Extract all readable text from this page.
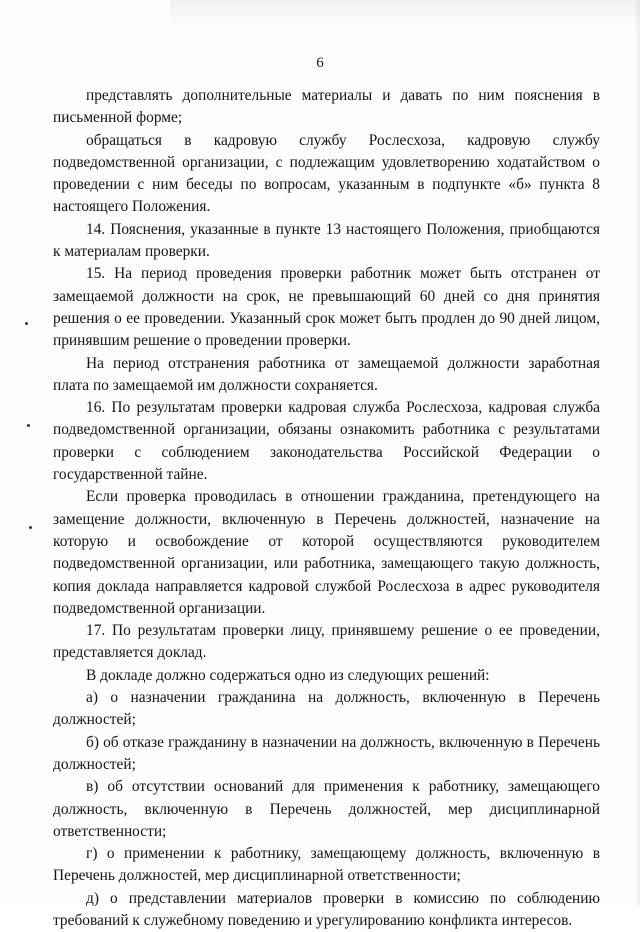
6

представлять дополнительные материалы и давать по ним пояснения в письменной форме;

обращаться в кадровую службу Рослесхоза, кадровую службу подведомственной организации, с подлежащим удовлетворению ходатайством о проведении с ним беседы по вопросам, указанным в подпункте «б» пункта 8 настоящего Положения.

14. Пояснения, указанные в пункте 13 настоящего Положения, приобщаются к материалам проверки.

15. На период проведения проверки работник может быть отстранен от замещаемой должности на срок, не превышающий 60 дней со дня принятия решения о ее проведении. Указанный срок может быть продлен до 90 дней лицом, принявшим решение о проведении проверки.

На период отстранения работника от замещаемой должности заработная плата по замещаемой им должности сохраняется.

16. По результатам проверки кадровая служба Рослесхоза, кадровая служба подведомственной организации, обязаны ознакомить работника с результатами проверки с соблюдением законодательства Российской Федерации о государственной тайне.

Если проверка проводилась в отношении гражданина, претендующего на замещение должности, включенную в Перечень должностей, назначение на которую и освобождение от которой осуществляются руководителем подведомственной организации, или работника, замещающего такую должность, копия доклада направляется кадровой службой Рослесхоза в адрес руководителя подведомственной организации.

17. По результатам проверки лицу, принявшему решение о ее проведении, представляется доклад.

В докладе должно содержаться одно из следующих решений:

а) о назначении гражданина на должность, включенную в Перечень должностей;

б) об отказе гражданину в назначении на должность, включенную в Перечень должностей;

в) об отсутствии оснований для применения к работнику, замещающего должность, включенную в Перечень должностей, мер дисциплинарной ответственности;

г) о применении к работнику, замещающему должность, включенную в Перечень должностей, мер дисциплинарной ответственности;

д) о представлении материалов проверки в комиссию по соблюдению требований к служебному поведению и урегулированию конфликта интересов.
